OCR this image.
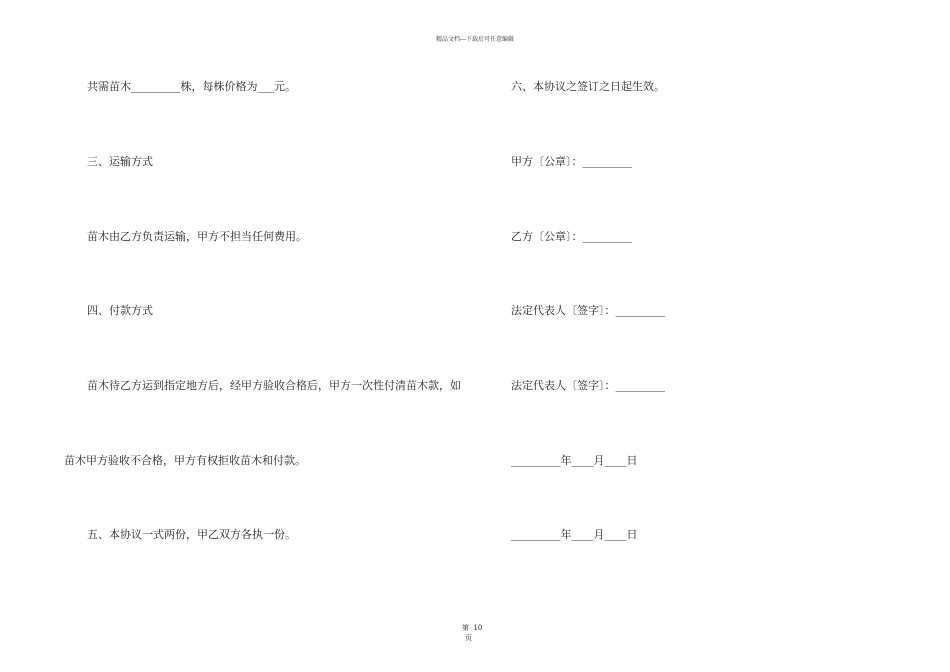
精品文档---下载后可任意编辑
共需苗木_________株，每株价格为___元。
三、运输方式
苗木由乙方负责运输，甲方不担当任何费用。
四、付款方式
苗木待乙方运到指定地方后，经甲方验收合格后，甲方一次性付清苗木款，如
苗木甲方验收不合格，甲方有权拒收苗木和付款。
五、本协议一式两份，甲乙双方各执一份。
六、本协议之签订之日起生效。
甲方〔公章〕：_________
乙方〔公章〕：_________
法定代表人〔签字〕：_________
法定代表人〔签字〕：_________
_________年____月____日
_________年____月____日
第  10
页
